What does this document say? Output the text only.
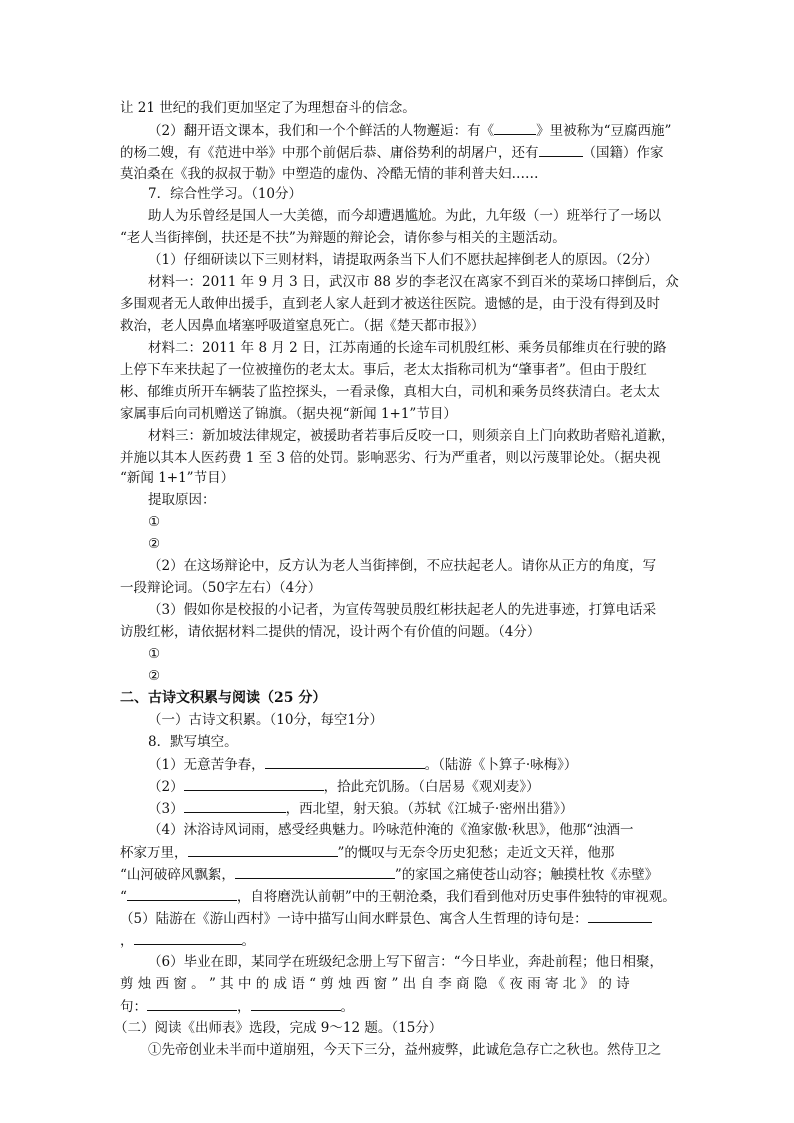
让 21 世纪的我们更加坚定了为理想奋斗的信念。
（2）翻开语文课本，我们和一个个鲜活的人物邂逅：有《	》里被称为“豆腐西施”
的杨二嫂，有《范进中举》中那个前倨后恭、庸俗势利的胡屠户，还有	（国籍）作家
莫泊桑在《我的叔叔于勒》中塑造的虚伪、冷酷无情的菲利普夫妇……
7．综合性学习。（10分）
助人为乐曾经是国人一大美德，而今却遭遇尴尬。为此，九年级（一）班举行了一场以
“老人当街摔倒，扶还是不扶”为辩题的辩论会，请你参与相关的主题活动。
（1）仔细研读以下三则材料，请提取两条当下人们不愿扶起摔倒老人的原因。（2分）
材料一：2011 年 9 月 3 日，武汉市 88 岁的李老汉在离家不到百米的菜场口摔倒后，众
多围观者无人敢伸出援手，直到老人家人赶到才被送往医院。遗憾的是，由于没有得到及时
救治，老人因鼻血堵塞呼吸道窒息死亡。（据《楚天都市报》）
材料二：2011 年 8 月 2 日，江苏南通的长途车司机殷红彬、乘务员郁维贞在行驶的路
上停下车来扶起了一位被撞伤的老太太。事后，老太太指称司机为“肇事者”。但由于殷红
彬、郁维贞所开车辆装了监控探头，一看录像，真相大白，司机和乘务员终获清白。老太太
家属事后向司机赠送了锦旗。（据央视“新闻 1+1”节目）
材料三：新加坡法律规定，被援助者若事后反咬一口，则须亲自上门向救助者赔礼道歉，
并施以其本人医药费 1 至 3 倍的处罚。影响恶劣、行为严重者，则以污蔑罪论处。（据央视
“新闻 1+1”节目）
提取原因：
①
②
（2）在这场辩论中，反方认为老人当街摔倒，不应扶起老人。请你从正方的角度，写
一段辩论词。（50字左右）（4分）
（3）假如你是校报的小记者，为宣传驾驶员殷红彬扶起老人的先进事迹，打算电话采
访殷红彬，请依据材料二提供的情况，设计两个有价值的问题。（4分）
①
②
二、古诗文积累与阅读（25 分）
（一）古诗文积累。（10分，每空1分）
8．默写填空。
（1）无意苦争春，	。（陆游《卜算子·咏梅》）
（2）	，拾此充饥肠。（白居易《观刈麦》）
（3）	，西北望，射天狼。（苏轼《江城子·密州出猎》）
（4）沐浴诗风词雨，感受经典魅力。吟咏范仲淹的《渔家傲·秋思》，他那“浊酒一
杯家万里，	”的慨叹与无奈令历史犯愁；走近文天祥，他那
“山河破碎风飘絮，	”的家国之痛使苍山动容；触摸杜牧《赤壁》
“	，自将磨洗认前朝”中的王朝沧桑，我们看到他对历史事件独特的审视观。
（5）陆游在《游山西村》一诗中描写山间水畔景色、寓含人生哲理的诗句是：
，	。
（6）毕业在即，某同学在班级纪念册上写下留言：“今日毕业，奔赴前程；他日相聚，
剪 烛 西 窗 。 ” 其 中 的 成 语 “ 剪 烛 西 窗 ” 出 自 李 商 隐 《 夜 雨 寄 北 》 的 诗
句：	，	。
（二）阅读《出师表》选段，完成 9～12 题。（15分）
①先帝创业未半而中道崩殂，今天下三分，益州疲弊，此诚危急存亡之秋也。然侍卫之
